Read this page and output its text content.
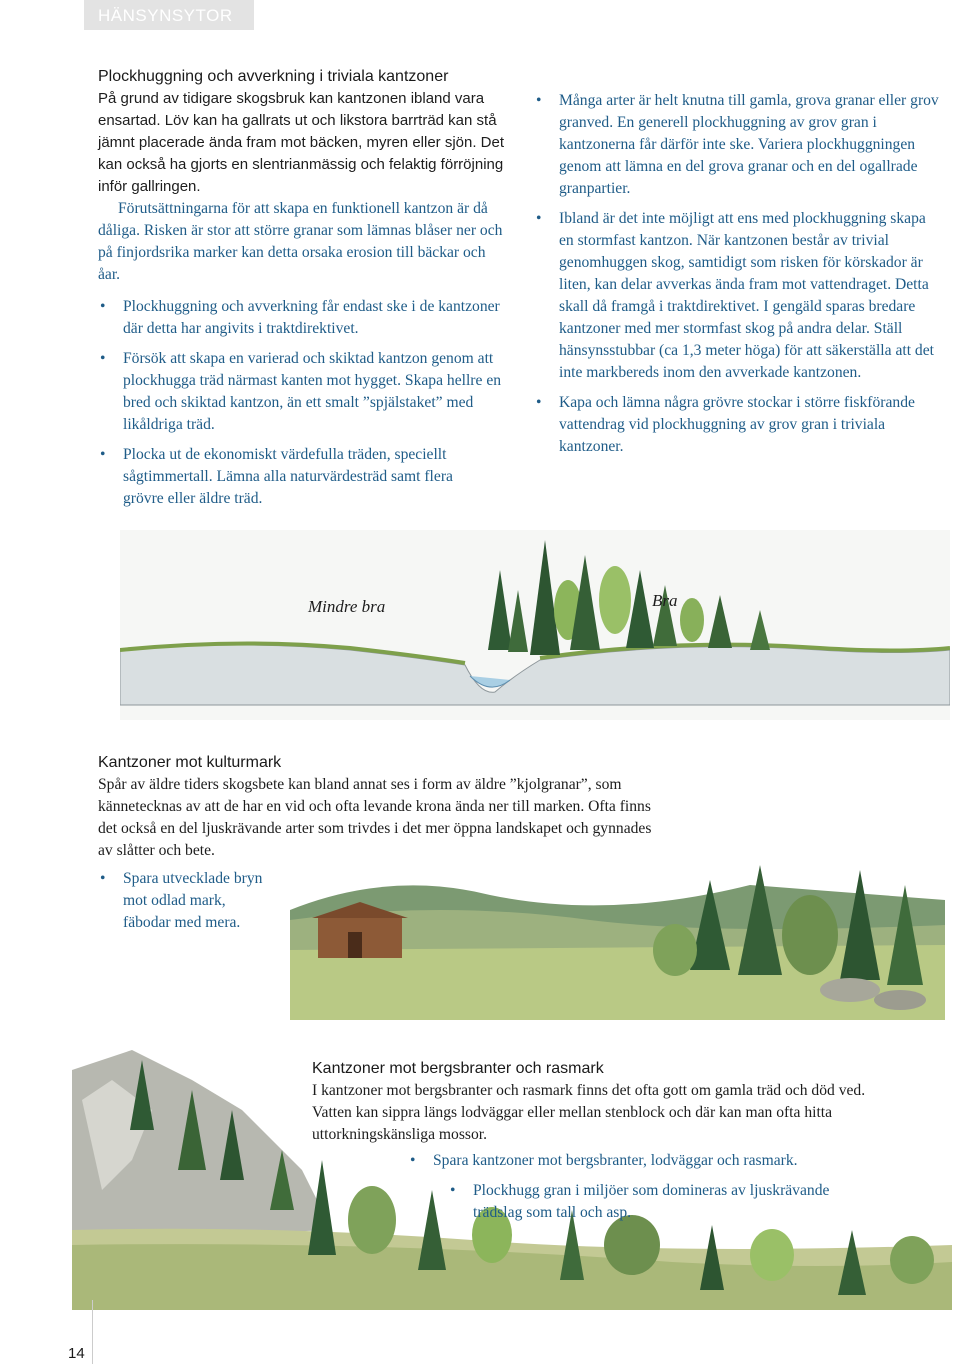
HÄNSYNSYTOR

Plockhuggning och avverkning i triviala kantzoner

På grund av tidigare skogsbruk kan kantzonen ibland vara ensartad. Löv kan ha gallrats ut och likstora barrträd kan stå jämnt placerade ända fram mot bäcken, myren eller sjön. Det kan också ha gjorts en slentrianmässig och felaktig förröjning inför gallringen.

Förutsättningarna för att skapa en funktionell kantzon är då dåliga. Risken är stor att större granar som lämnas blåser ner och på finjordsrika marker kan detta orsaka erosion till bäckar och åar.

• Plockhuggning och avverkning får endast ske i de kantzoner där detta har angivits i traktdirektivet.
• Försök att skapa en varierad och skiktad kantzon genom att plockhugga träd närmast kanten mot hygget. Skapa hellre en bred och skiktad kantzon, än ett smalt ”spjälstaket” med likåldriga träd.
• Plocka ut de ekonomiskt värdefulla träden, speciellt sågtimmertall. Lämna alla naturvärdesträd samt flera grövre eller äldre träd.
• Många arter är helt knutna till gamla, grova granar eller grov granved. En generell plockhuggning av grov gran i kantzonerna får därför inte ske. Variera plockhuggningen genom att lämna en del grova granar och en del ogallrade granpartier.
• Ibland är det inte möjligt att ens med plockhuggning skapa en stormfast kantzon. När kantzonen består av trivial genomhuggen skog, samtidigt som risken för körskador är liten, kan delar avverkas ända fram mot vattendraget. Detta skall då framgå i traktdirektivet. I gengäld sparas bredare kantzoner med mer stormfast skog på andra delar. Ställ hänsynsstubbar (ca 1,3 meter höga) för att säkerställa att det inte markbereds inom den avverkade kantzonen.
• Kapa och lämna några grövre stockar i större fiskförande vattendrag vid plockhuggning av grov gran i triviala kantzoner.
Mindre bra	Bra

Kantzoner mot kulturmark

Spår av äldre tiders skogsbete kan bland annat ses i form av äldre ”kjolgranar”, som kännetecknas av att de har en vid och ofta levande krona ända ner till marken. Ofta finns det också en del ljuskrävande arter som trivdes i det mer öppna landskapet och gynnades av slåtter och bete.

• Spara utvecklade bryn mot odlad mark, fäbodar med mera.

Kantzoner mot bergsbranter och rasmark

I kantzoner mot bergsbranter och rasmark finns det ofta gott om gamla träd och död ved. Vatten kan sippra längs lodväggar eller mellan stenblock och där kan man ofta hitta uttorkningskänsliga mossor.

• Spara kantzoner mot bergsbranter, lodväggar och rasmark.
• Plockhugg gran i miljöer som domineras av ljuskrävande trädslag som tall och asp.
14
